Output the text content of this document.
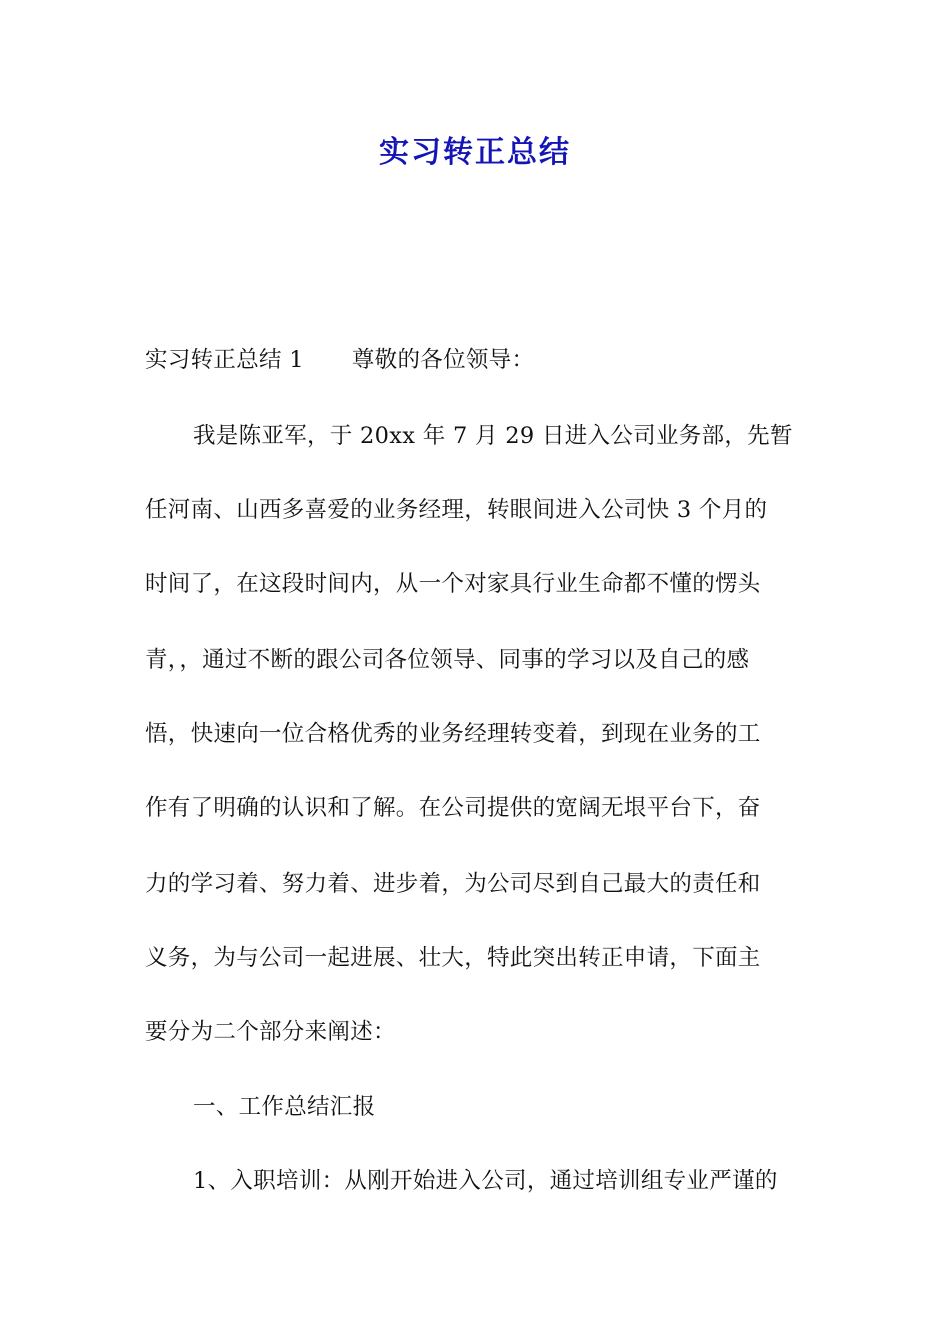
实习转正总结
实习转正总结 1 尊敬的各位领导：
我是陈亚军，于 20xx 年 7 月 29 日进入公司业务部，先暂
任河南、山西多喜爱的业务经理，转眼间进入公司快 3 个月的
时间了，在这段时间内，从一个对家具行业生命都不懂的愣头
青，，通过不断的跟公司各位领导、同事的学习以及自己的感
悟，快速向一位合格优秀的业务经理转变着，到现在业务的工
作有了明确的认识和了解。在公司提供的宽阔无垠平台下，奋
力的学习着、努力着、进步着，为公司尽到自己最大的责任和
义务，为与公司一起进展、壮大，特此突出转正申请，下面主
要分为二个部分来阐述：
一、工作总结汇报
1、入职培训：从刚开始进入公司，通过培训组专业严谨的
